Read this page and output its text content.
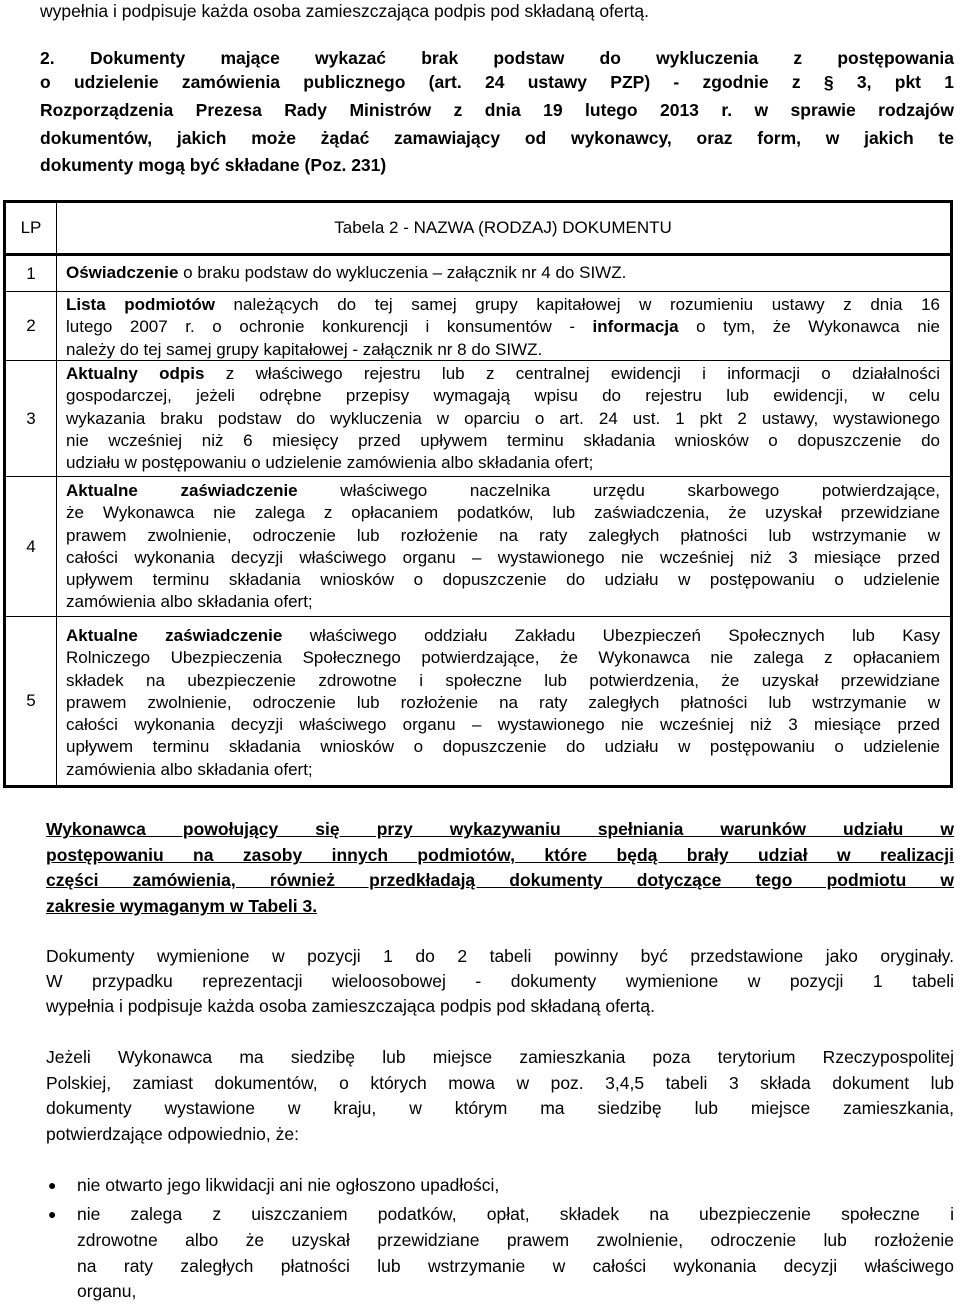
wypełnia i podpisuje każda osoba zamieszczająca podpis pod składaną ofertą.
2. Dokumenty mające wykazać brak podstaw do wykluczenia z postępowania
o udzielenie zamówienia publicznego (art. 24 ustawy PZP) - zgodnie z § 3, pkt 1
Rozporządzenia Prezesa Rady Ministrów z dnia 19 lutego 2013 r. w sprawie rodzajów
dokumentów, jakich może żądać zamawiający od wykonawcy, oraz form, w jakich te
dokumenty mogą być składane (Poz. 231)
LP	Tabela 2 - NAZWA (RODZAJ) DOKUMENTU
1	Oświadczenie o braku podstaw do wykluczenia – załącznik nr 4 do SIWZ.
2
Lista podmiotów należących do tej samej grupy kapitałowej w rozumieniu ustawy z dnia 16
lutego 2007 r. o ochronie konkurencji i konsumentów - informacja o tym, że Wykonawca nie
należy do tej samej grupy kapitałowej - załącznik nr 8 do SIWZ.
3
Aktualny odpis z właściwego rejestru lub z centralnej ewidencji i informacji o działalności
gospodarczej, jeżeli odrębne przepisy wymagają wpisu do rejestru lub ewidencji, w celu
wykazania braku podstaw do wykluczenia w oparciu o art. 24 ust. 1 pkt 2 ustawy, wystawionego
nie wcześniej niż 6 miesięcy przed upływem terminu składania wniosków o dopuszczenie do
udziału w postępowaniu o udzielenie zamówienia albo składania ofert;
4
Aktualne zaświadczenie właściwego naczelnika urzędu skarbowego potwierdzające,
że Wykonawca nie zalega z opłacaniem podatków, lub zaświadczenia, że uzyskał przewidziane
prawem zwolnienie, odroczenie lub rozłożenie na raty zaległych płatności lub wstrzymanie w
całości wykonania decyzji właściwego organu – wystawionego nie wcześniej niż 3 miesiące przed
upływem terminu składania wniosków o dopuszczenie do udziału w postępowaniu o udzielenie
zamówienia albo składania ofert;
5
Aktualne zaświadczenie właściwego oddziału Zakładu Ubezpieczeń Społecznych lub Kasy
Rolniczego Ubezpieczenia Społecznego potwierdzające, że Wykonawca nie zalega z opłacaniem
składek na ubezpieczenie zdrowotne i społeczne lub potwierdzenia, że uzyskał przewidziane
prawem zwolnienie, odroczenie lub rozłożenie na raty zaległych płatności lub wstrzymanie w
całości wykonania decyzji właściwego organu – wystawionego nie wcześniej niż 3 miesiące przed
upływem terminu składania wniosków o dopuszczenie do udziału w postępowaniu o udzielenie
zamówienia albo składania ofert;
Wykonawca powołujący się przy wykazywaniu spełniania warunków udziału w
postępowaniu na zasoby innych podmiotów, które będą brały udział w realizacji
części zamówienia, również przedkładają dokumenty dotyczące tego podmiotu w
zakresie wymaganym w Tabeli 3.
Dokumenty wymienione w pozycji 1 do 2 tabeli powinny być przedstawione jako oryginały.
W przypadku reprezentacji wieloosobowej - dokumenty wymienione w pozycji 1 tabeli
wypełnia i podpisuje każda osoba zamieszczająca podpis pod składaną ofertą.
Jeżeli Wykonawca ma siedzibę lub miejsce zamieszkania poza terytorium Rzeczypospolitej
Polskiej, zamiast dokumentów, o których mowa w poz. 3,4,5 tabeli 3 składa dokument lub
dokumenty wystawione w kraju, w którym ma siedzibę lub miejsce zamieszkania,
potwierdzające odpowiednio, że:
● nie otwarto jego likwidacji ani nie ogłoszono upadłości,
● nie zalega z uiszczaniem podatków, opłat, składek na ubezpieczenie społeczne i
zdrowotne albo że uzyskał przewidziane prawem zwolnienie, odroczenie lub rozłożenie
na raty zaległych płatności lub wstrzymanie w całości wykonania decyzji właściwego
organu,
